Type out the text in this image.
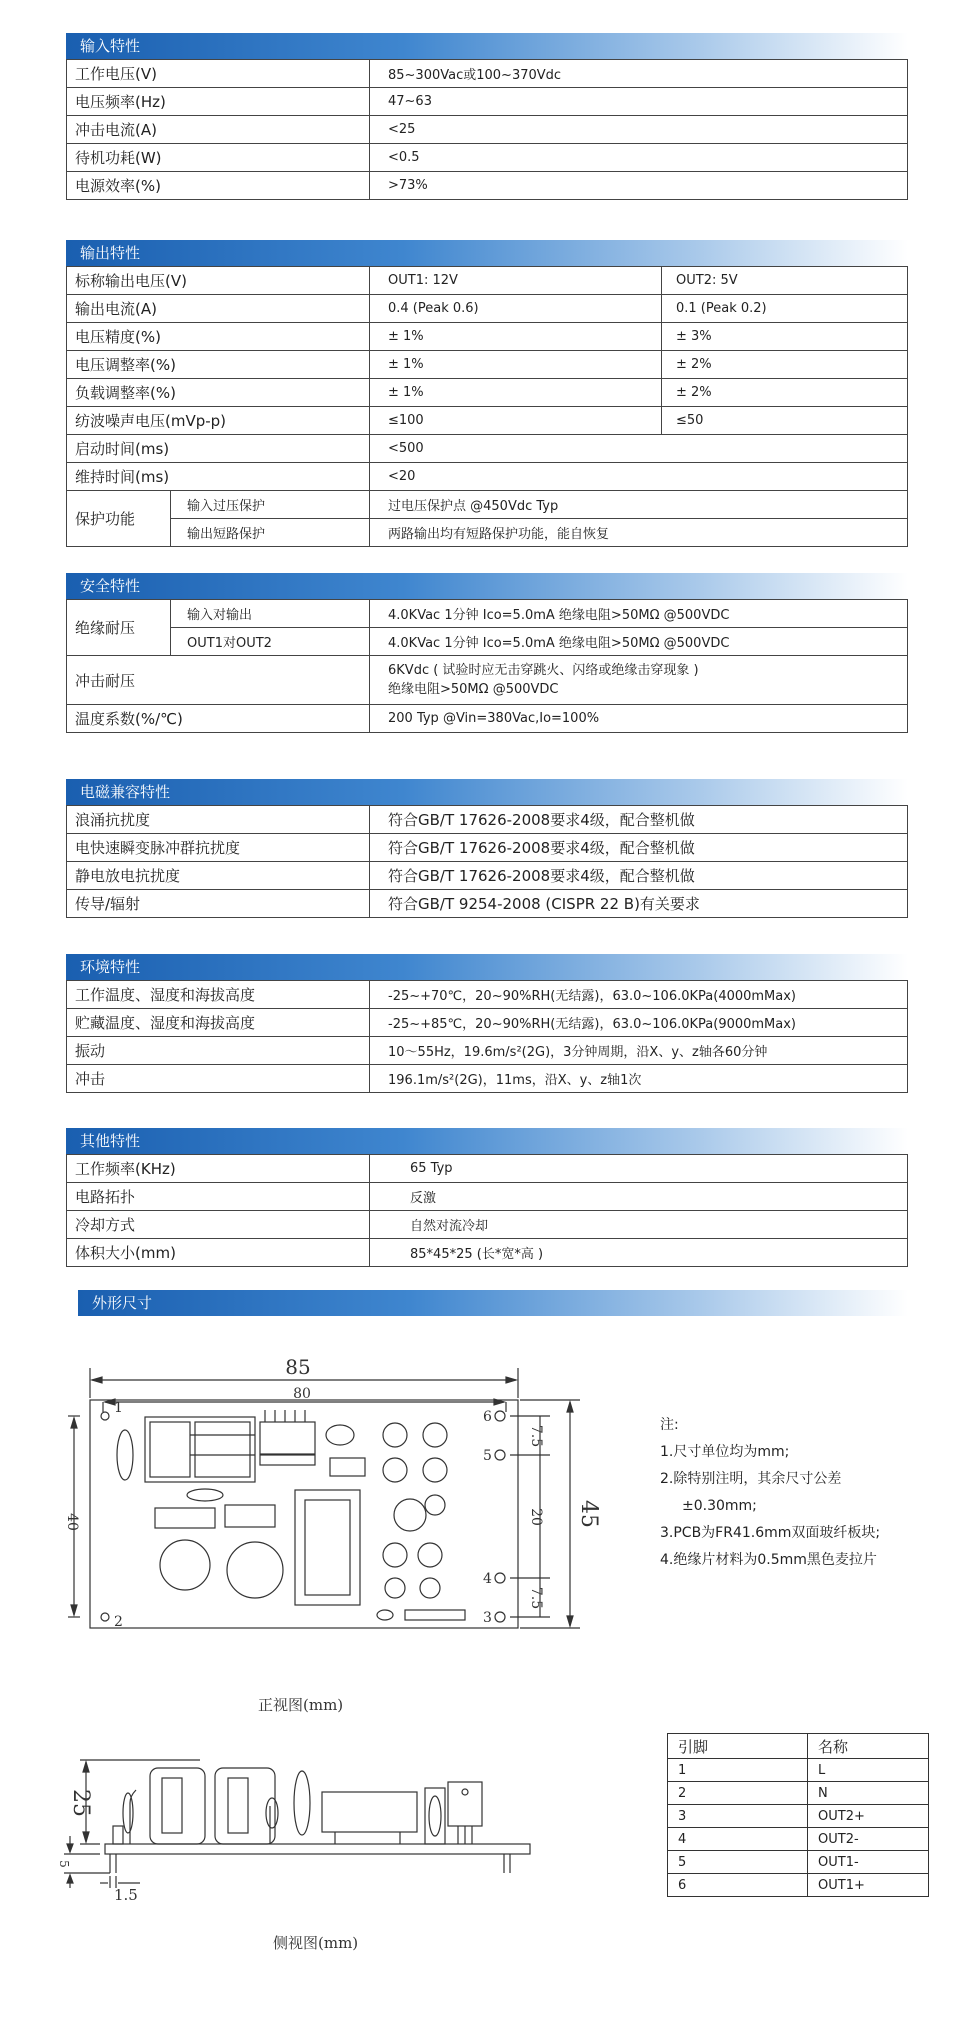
输入特性
工作电压(V)	85~300Vac或100~370Vdc
电压频率(Hz)	47~63
冲击电流(A)	<25
待机功耗(W)	<0.5
电源效率(%)	>73%
输出特性
标称输出电压(V)		OUT1: 12V	OUT2: 5V
输出电流(A)		0.4 (Peak 0.6)	0.1 (Peak 0.2)
电压精度(%)		± 1%	± 3%
电压调整率(%)		± 1%	± 2%
负载调整率(%)		± 1%	± 2%
纺波噪声电压(mVp-p)		≤100	≤50
启动时间(ms)		<500	
维持时间(ms)		<20	
保护功能	输入过压保护	过电压保护点 @450Vdc Typ	
	输出短路保护	两路输出均有短路保护功能，能自恢复	
安全特性
绝缘耐压	输入对输出	4.0KVac 1分钟 Ico=5.0mA 绝缘电阻>50MΩ @500VDC
	OUT1对OUT2	4.0KVac 1分钟 Ico=5.0mA 绝缘电阻>50MΩ @500VDC
冲击耐压		6KVdc ( 试验时应无击穿跳火、闪络或绝缘击穿现象 )
绝缘电阻>50MΩ @500VDC

温度系数(%/℃)		200 Typ @Vin=380Vac,Io=100%
电磁兼容特性
浪涌抗扰度	符合GB/T 17626-2008要求4级，配合整机做
电快速瞬变脉冲群抗扰度	符合GB/T 17626-2008要求4级，配合整机做
静电放电抗扰度	符合GB/T 17626-2008要求4级，配合整机做
传导/辐射	符合GB/T 9254-2008 (CISPR 22 B)有关要求
环境特性
工作温度、湿度和海拔高度	-25~+70℃，20~90%RH(无结露)，63.0~106.0KPa(4000mMax)
贮藏温度、湿度和海拔高度	-25~+85℃，20~90%RH(无结露)，63.0~106.0KPa(9000mMax)
振动	10～55Hz，19.6m/s²(2G)，3分钟周期，沿X、y、z轴各60分钟
冲击	196.1m/s²(2G)，11ms，沿X、y、z轴1次
其他特性
工作频率(KHz)	65 Typ
电路拓扑	反激
冷却方式	自然对流冷却
体积大小(mm)	85*45*25 (长*宽*高 )
外形尺寸
85
80
40	45
20
7.5
7.5
1
2	3
4
5
6
正视图(mm)
注:
1.尺寸单位均为mm;
2.除特别注明，其余尺寸公差
±0.30mm;
3.PCB为FR41.6mm双面玻纤板块;
4.绝缘片材料为0.5mm黑色麦拉片
25
5
1.5
侧视图(mm)
引脚	名称
1	L
2	N
3	OUT2+
4	OUT2-
5	OUT1-
6	OUT1+
